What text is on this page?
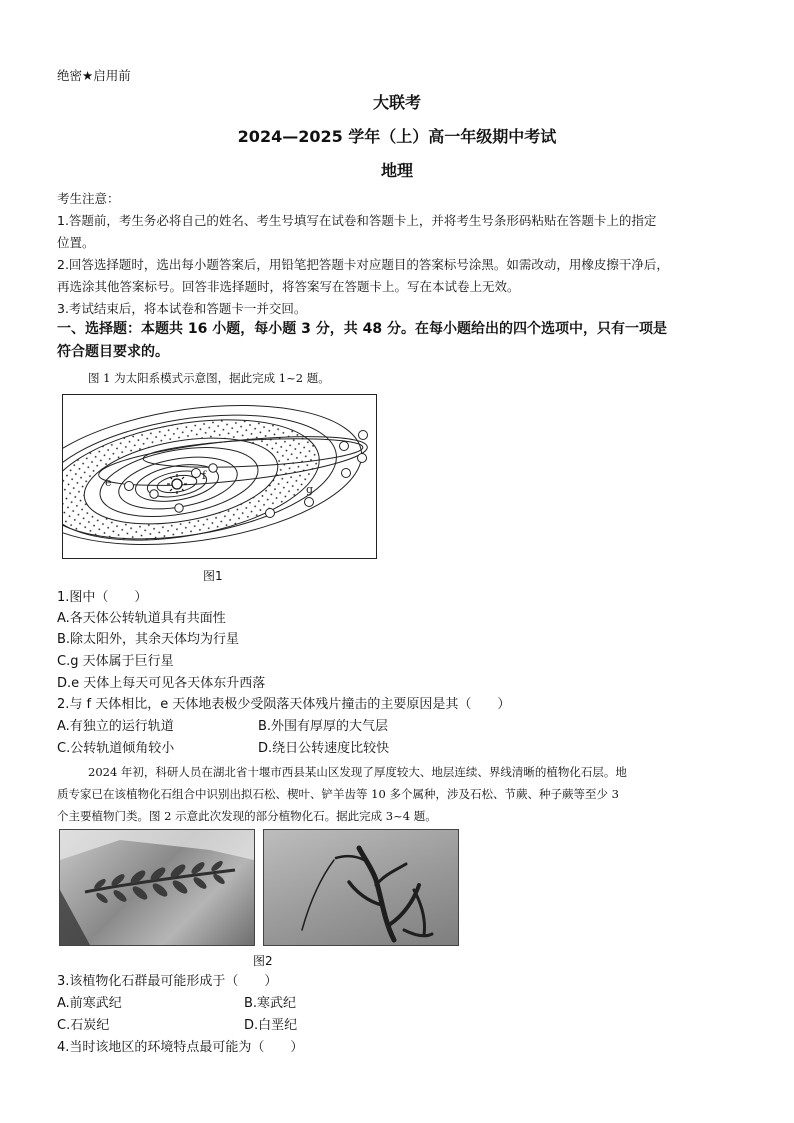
绝密★启用前
大联考
2024—2025 学年（上）高一年级期中考试
地理
考生注意：
1.答题前，考生务必将自己的姓名、考生号填写在试卷和答题卡上，并将考生号条形码粘贴在答题卡上的指定
位置。
2.回答选择题时，选出每小题答案后，用铅笔把答题卡对应题目的答案标号涂黑。如需改动，用橡皮擦干净后，
再选涂其他答案标号。回答非选择题时，将答案写在答题卡上。写在本试卷上无效。
3.考试结束后，将本试卷和答题卡一并交回。
一、选择题：本题共 16 小题，每小题 3 分，共 48 分。在每小题给出的四个选项中，只有一项是
符合题目要求的。
图 1 为太阳系模式示意图，据此完成 1~2 题。
e
f
g
图1
1.图中（　　）
A.各天体公转轨道具有共面性
B.除太阳外，其余天体均为行星
C.g 天体属于巨行星
D.e 天体上每天可见各天体东升西落
2.与 f 天体相比，e 天体地表极少受陨落天体残片撞击的主要原因是其（　　）
A.有独立的运行轨道	B.外围有厚厚的大气层
C.公转轨道倾角较小	D.绕日公转速度比较快
2024 年初，科研人员在湖北省十堰市西县某山区发现了厚度较大、地层连续、界线清晰的植物化石层。地
质专家已在该植物化石组合中识别出拟石松、楔叶、铲羊齿等 10 多个属种，涉及石松、节蕨、种子蕨等至少 3
个主要植物门类。图 2 示意此次发现的部分植物化石。据此完成 3~4 题。
图2
3.该植物化石群最可能形成于（　　）
A.前寒武纪	B.寒武纪
C.石炭纪	D.白垩纪
4.当时该地区的环境特点最可能为（　　）
